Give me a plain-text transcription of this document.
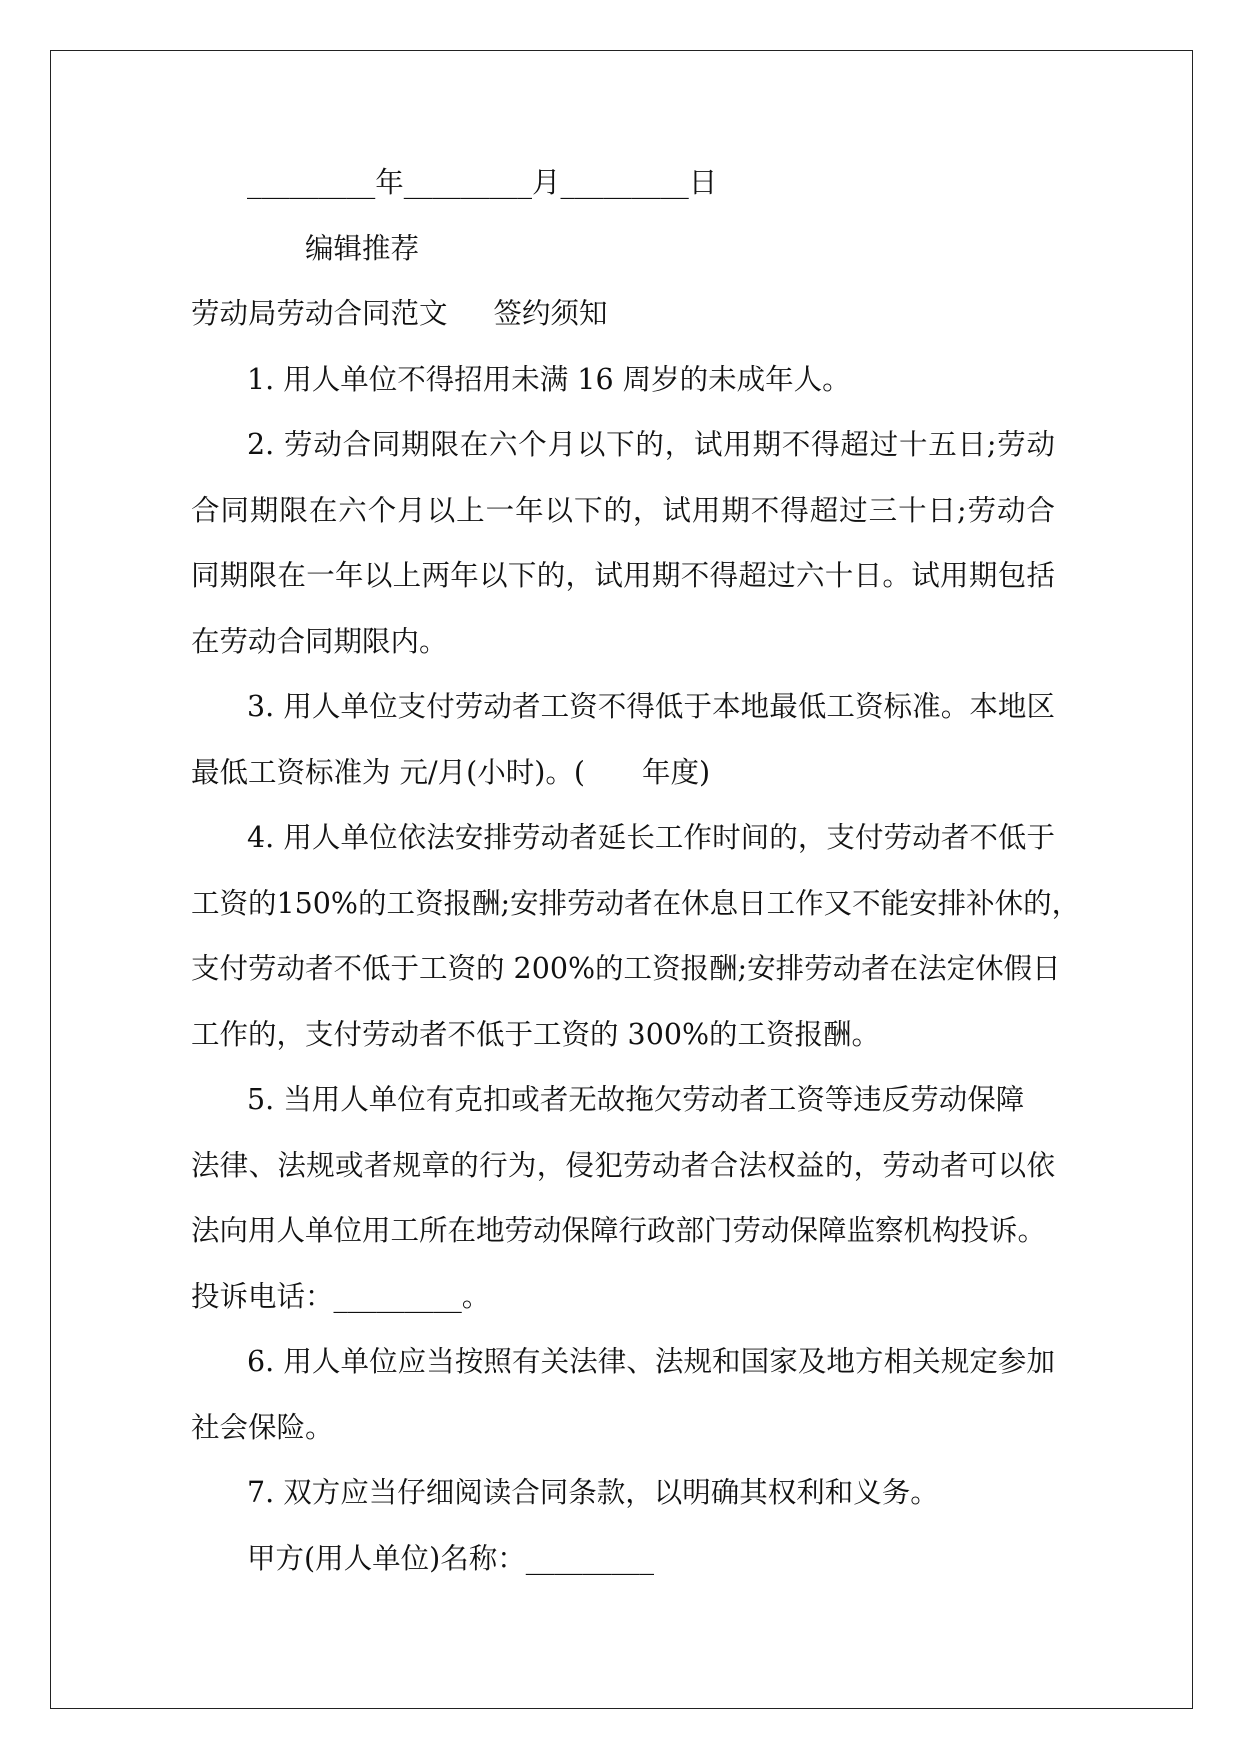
_________年_________月_________日
编辑推荐
劳动局劳动合同范文 签约须知
1. 用人单位不得招用未满 16 周岁的未成年人。
2. 劳动合同期限在六个月以下的，试用期不得超过十五日;劳动
合同期限在六个月以上一年以下的，试用期不得超过三十日;劳动合
同期限在一年以上两年以下的，试用期不得超过六十日。试用期包括
在劳动合同期限内。
3. 用人单位支付劳动者工资不得低于本地最低工资标准。本地区
最低工资标准为 元/月(小时)。(　　年度)
4. 用人单位依法安排劳动者延长工作时间的，支付劳动者不低于
工资的150%的工资报酬;安排劳动者在休息日工作又不能安排补休的，
支付劳动者不低于工资的 200%的工资报酬;安排劳动者在法定休假日
工作的，支付劳动者不低于工资的 300%的工资报酬。
5. 当用人单位有克扣或者无故拖欠劳动者工资等违反劳动保障
法律、法规或者规章的行为，侵犯劳动者合法权益的，劳动者可以依
法向用人单位用工所在地劳动保障行政部门劳动保障监察机构投诉。
投诉电话：_________。
6. 用人单位应当按照有关法律、法规和国家及地方相关规定参加
社会保险。
7. 双方应当仔细阅读合同条款，以明确其权利和义务。
甲方(用人单位)名称：_________
